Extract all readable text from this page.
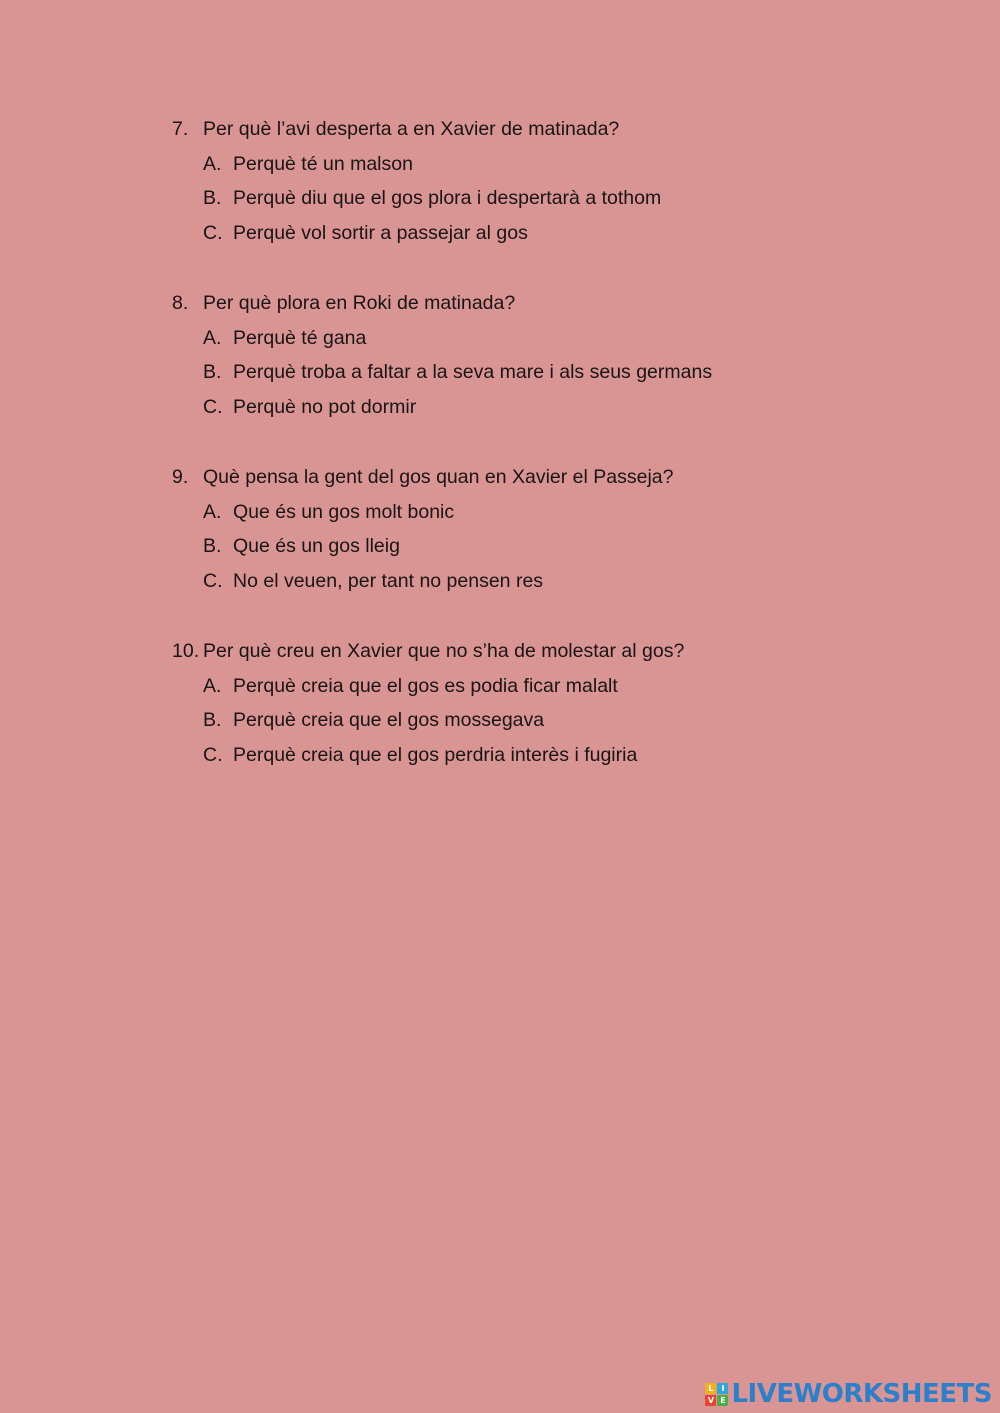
7. Per què l’avi desperta a en Xavier de matinada?
A. Perquè té un malson
B. Perquè diu que el gos plora i despertarà a tothom
C. Perquè vol sortir a passejar al gos
8. Per què plora en Roki de matinada?
A. Perquè té gana
B. Perquè troba a faltar a la seva mare i als seus germans
C. Perquè no pot dormir
9. Què pensa la gent del gos quan en Xavier el Passeja?
A. Que és un gos molt bonic
B. Que és un gos lleig
C. No el veuen, per tant no pensen res
10. Per què creu en Xavier que no s’ha de molestar al gos?
A. Perquè creia que el gos es podia ficar malalt
B. Perquè creia que el gos mossegava
C. Perquè creia que el gos perdria interès i fugiria
L I
V E LIVEWORKSHEETS
